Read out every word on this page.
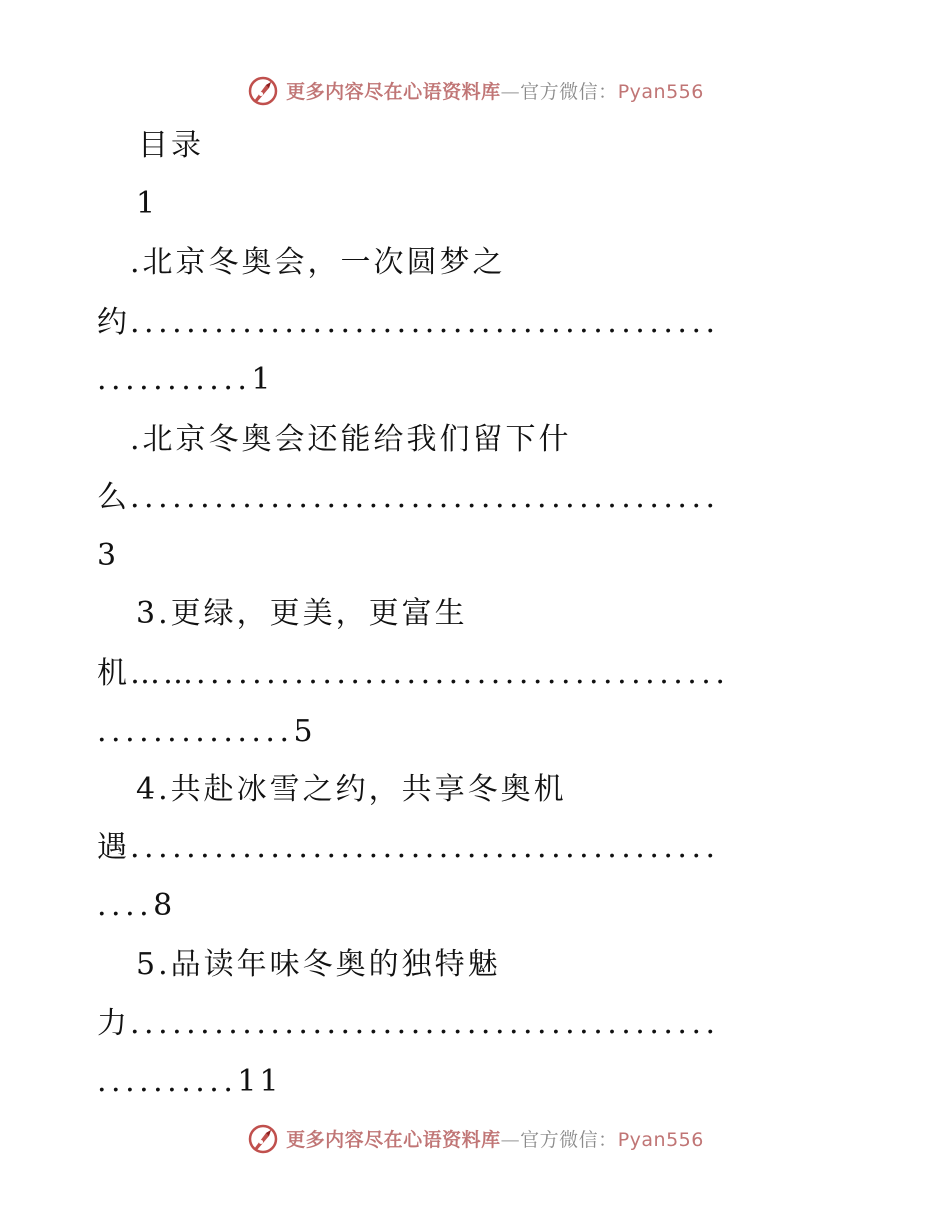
更多内容尽在心语资料库—官方微信：Pyan556
目录
1
.北京冬奥会，一次圆梦之
约..........................................
...........1
.北京冬奥会还能给我们留下什
么..........................................
3
3.更绿，更美，更富生
机……......................................
..............5
4.共赴冰雪之约，共享冬奥机
遇..........................................
....8
5.品读年味冬奥的独特魅
力..........................................
..........11
更多内容尽在心语资料库—官方微信：Pyan556
